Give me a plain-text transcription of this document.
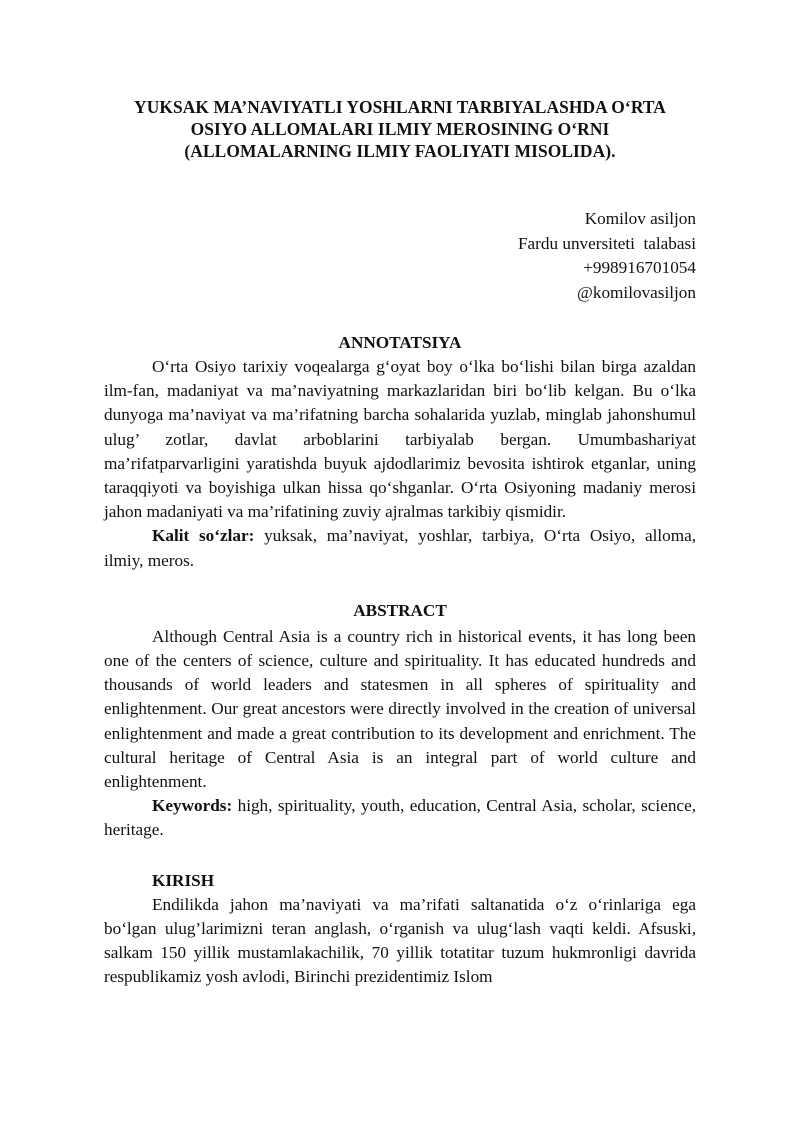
YUKSAK MA’NAVIYATLI YOSHLARNI TARBIYALASHDA O‘RTA
OSIYO ALLOMALARI ILMIY MEROSINING O‘RNI
(ALLOMALARNING ILMIY FAOLIYATI MISOLIDA).
Komilov asiljon
Fardu unversiteti  talabasi
+998916701054
@komilovasiljon
ANNOTATSIYA

O‘rta Osiyo tarixiy voqealarga g‘oyat boy o‘lka bo‘lishi bilan birga azaldan ilm-fan, madaniyat va ma’naviyatning markazlaridan biri bo‘lib kelgan. Bu o‘lka dunyoga ma’naviyat va ma’rifatning barcha sohalarida yuzlab, minglab jahonshumul ulug’ zotlar, davlat arboblarini tarbiyalab bergan. Umumbashariyat ma’rifatparvarligini yaratishda buyuk ajdodlarimiz bevosita ishtirok etganlar, uning taraqqiyoti va boyishiga ulkan hissa qo‘shganlar. O‘rta Osiyoning madaniy merosi jahon madaniyati va ma’rifatining zuviy ajralmas tarkibiy qismidir.

Kalit so‘zlar: yuksak, ma’naviyat, yoshlar, tarbiya, O‘rta Osiyo, alloma, ilmiy, meros.

ABSTRACT

Although Central Asia is a country rich in historical events, it has long been one of the centers of science, culture and spirituality. It has educated hundreds and thousands of world leaders and statesmen in all spheres of spirituality and enlightenment. Our great ancestors were directly involved in the creation of universal enlightenment and made a great contribution to its development and enrichment. The cultural heritage of Central Asia is an integral part of world culture and enlightenment.

Keywords: high, spirituality, youth, education, Central Asia, scholar, science, heritage.

KIRISH

Endilikda jahon ma’naviyati va ma’rifati saltanatida o‘z o‘rinlariga ega bo‘lgan ulug’larimizni teran anglash, o‘rganish va ulug‘lash vaqti keldi. Afsuski, salkam 150 yillik mustamlakachilik, 70 yillik totatitar tuzum hukmronligi davrida respublikamiz yosh avlodi, Birinchi prezidentimiz Islom
